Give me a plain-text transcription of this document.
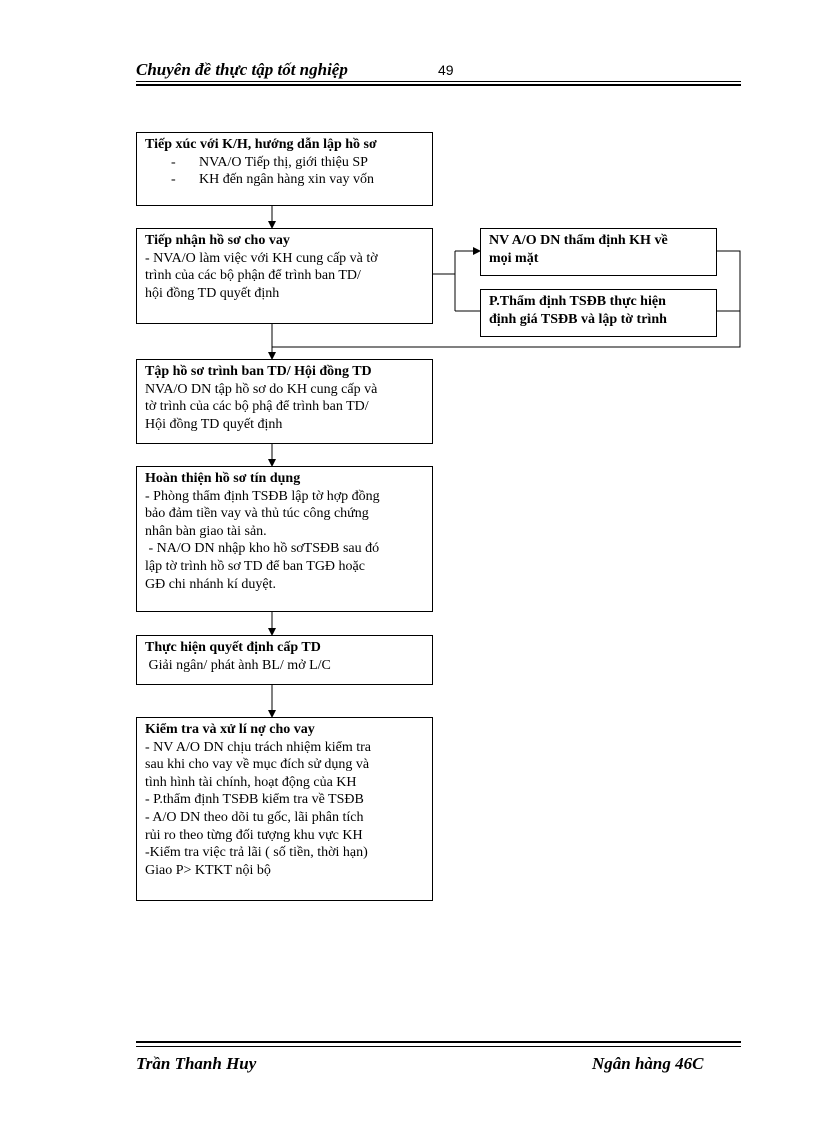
Chuyên đề thực tập tốt nghiệp	49
Tiếp xúc với K/H, hướng dẫn lập hồ sơ
- NVA/O Tiếp thị, giới thiệu SP
- KH đến ngân hàng xin vay vốn
Tiếp nhận hồ sơ cho vay
- NVA/O làm việc với KH cung cấp và tờ
trình của các bộ phận để trình ban TD/
hội đồng TD quyết định
NV A/O DN thẩm định KH về
mọi mặt
P.Thẩm định TSĐB thực hiện
định giá TSĐB và lập tờ trình
Tập hồ sơ trình ban TD/ Hội đồng TD
NVA/O DN tập hồ sơ do KH cung cấp và
tờ trình của các bộ phậ để trình ban TD/
Hội đồng TD quyết định
Hoàn thiện hồ sơ tín dụng
- Phòng thẩm định TSĐB lập tờ hợp đồng
bảo đảm tiền vay và thủ túc công chứng
nhân bàn giao tài sản.
- NA/O DN nhập kho hồ sơTSĐB sau đó
lập tờ trình hồ sơ TD để ban TGĐ hoặc
GĐ chi nhánh kí duyệt.
Thực hiện quyết định cấp TD
Giải ngân/ phát ành BL/ mở L/C
Kiểm tra và xử lí nợ cho vay
- NV A/O DN chịu trách nhiệm kiểm tra
sau khi cho vay về mục đích sử dụng và
tình hình tài chính, hoạt động của KH
- P.thẩm định TSĐB kiểm tra về TSĐB
- A/O DN theo dõi tu gốc, lãi phân tích
rủi ro theo từng đối tượng khu vực KH
-Kiểm tra việc trả lãi ( số tiền, thời hạn)
Giao P> KTKT nội bộ
Trần Thanh Huy	Ngân hàng 46C
